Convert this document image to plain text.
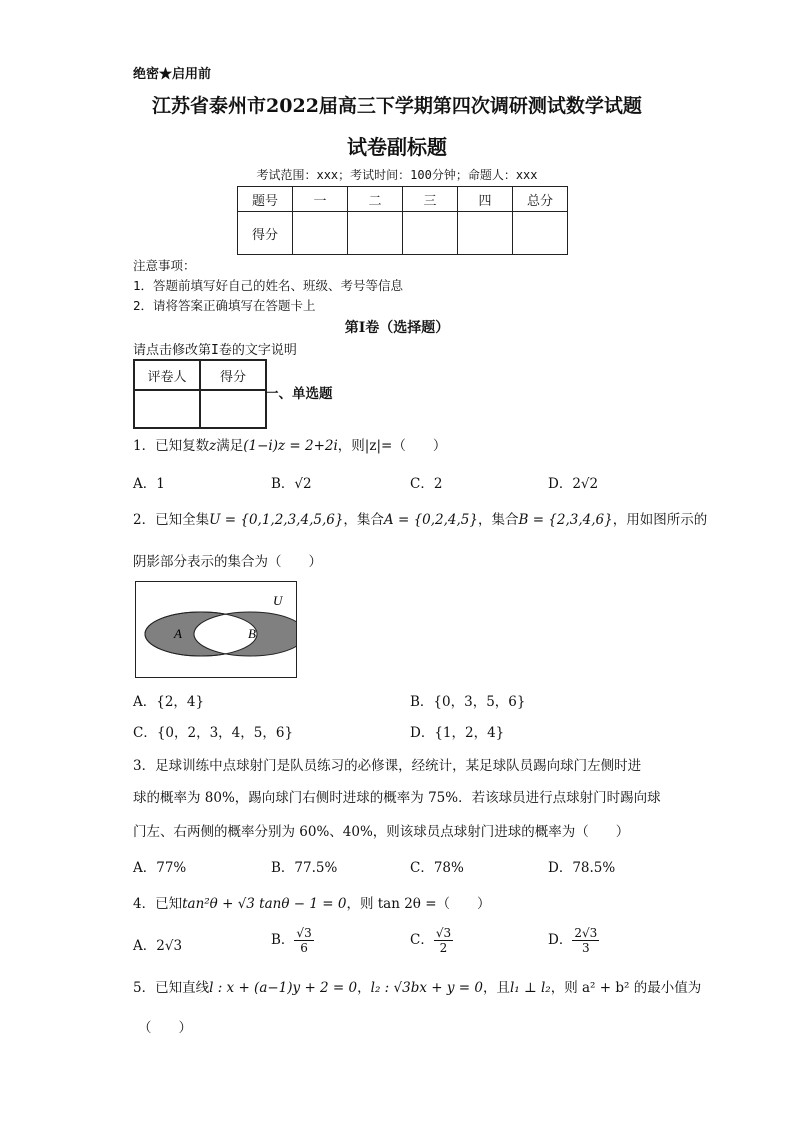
绝密★启用前
江苏省泰州市2022届高三下学期第四次调研测试数学试题
试卷副标题
考试范围：xxx；考试时间：100分钟；命题人：xxx
题号	一	二	三	四	总分
得分					
注意事项：
1．答题前填写好自己的姓名、班级、考号等信息
2．请将答案正确填写在答题卡上
第I卷（选择题）
请点击修改第I卷的文字说明
评卷人	得分

一、单选题
1．已知复数z满足(1−i)z = 2+2i，则|z|=（　　）
A．1	B．√2	C．2	D．2√2
2．已知全集U = {0,1,2,3,4,5,6}，集合A = {0,2,4,5}，集合B = {2,3,4,6}，用如图所示的
阴影部分表示的集合为（　　）
U
A	B
A．{2，4}	B．{0，3，5，6}
C．{0，2，3，4，5，6}	D．{1，2，4}
3．足球训练中点球射门是队员练习的必修课，经统计，某足球队员踢向球门左侧时进
球的概率为 80%，踢向球门右侧时进球的概率为 75%．若该球员进行点球射门时踢向球
门左、右两侧的概率分别为 60%、40%，则该球员点球射门进球的概率为（　　）
A．77%	B．77.5%	C．78%	D．78.5%
4．已知tan²θ + √3 tanθ − 1 = 0，则 tan 2θ =（　　）
A．2√3	B． $\frac{√3}{6}$	C． $\frac{√3}{2}$	D． $\frac{2√3}{3}$
5．已知直线l : x + (a−1)y + 2 = 0，l₂ : √3bx + y = 0，且l₁ ⊥ l₂，则 a² + b² 的最小值为
（　　）
